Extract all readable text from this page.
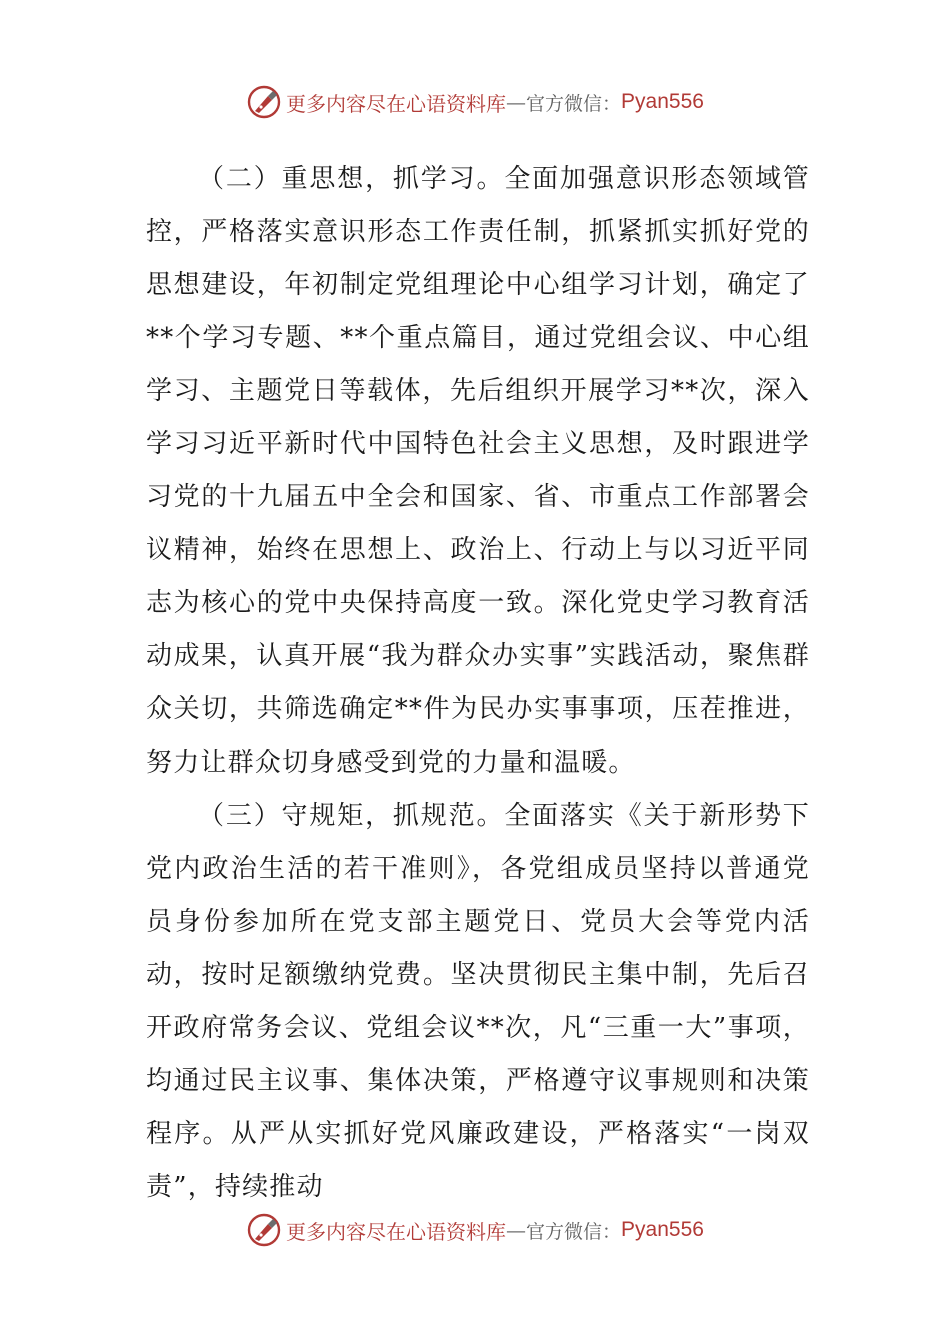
更多内容尽在心语资料库 — 官方微信： Pyan556

（二）重思想，抓学习。全面加强意识形态领域管控，严格落实意识形态工作责任制，抓紧抓实抓好党的思想建设，年初制定党组理论中心组学习计划，确定了**个学习专题、**个重点篇目，通过党组会议、中心组学习、主题党日等载体，先后组织开展学习**次，深入学习习近平新时代中国特色社会主义思想，及时跟进学习党的十九届五中全会和国家、省、市重点工作部署会议精神，始终在思想上、政治上、行动上与以习近平同志为核心的党中央保持高度一致。深化党史学习教育活动成果，认真开展“我为群众办实事”实践活动，聚焦群众关切，共筛选确定**件为民办实事事项，压茬推进，努力让群众切身感受到党的力量和温暖。

（三）守规矩，抓规范。全面落实《关于新形势下党内政治生活的若干准则》，各党组成员坚持以普通党员身份参加所在党支部主题党日、党员大会等党内活动，按时足额缴纳党费。坚决贯彻民主集中制，先后召开政府常务会议、党组会议**次，凡“三重一大”事项，均通过民主议事、集体决策，严格遵守议事规则和决策程序。从严从实抓好党风廉政建设，严格落实“一岗双责”，持续推动

更多内容尽在心语资料库 — 官方微信： Pyan556
